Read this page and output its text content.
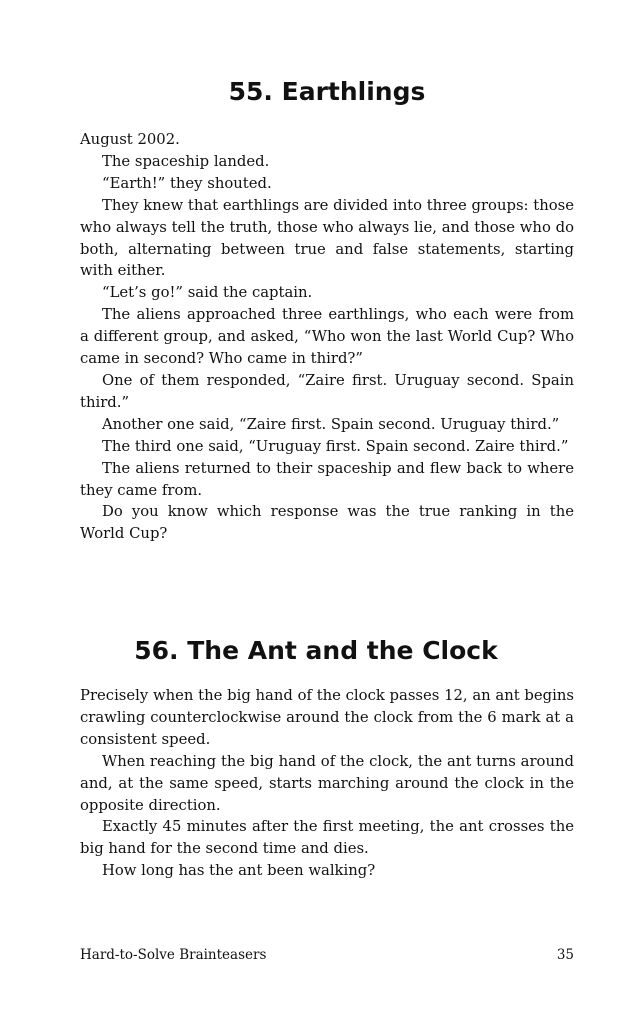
55. Earthlings

August 2002.

The spaceship landed.

“Earth!” they shouted.

They knew that earthlings are divided into three groups: those who always tell the truth, those who always lie, and those who do both, alternating between true and false statements, starting with either.

“Let’s go!” said the captain.

The aliens approached three earthlings, who each were from a different group, and asked, “Who won the last World Cup? Who came in second? Who came in third?”

One of them responded, “Zaire first. Uruguay second. Spain third.”

Another one said, “Zaire first. Spain second. Uruguay third.”

The third one said, “Uruguay first. Spain second. Zaire third.”

The aliens returned to their spaceship and flew back to where they came from.

Do you know which response was the true ranking in the World Cup?

56. The Ant and the Clock

Precisely when the big hand of the clock passes 12, an ant begins crawling counterclockwise around the clock from the 6 mark at a consistent speed.

When reaching the big hand of the clock, the ant turns around and, at the same speed, starts marching around the clock in the opposite direction.

Exactly 45 minutes after the first meeting, the ant crosses the big hand for the second time and dies.

How long has the ant been walking?

Hard-to-Solve Brainteasers	35
